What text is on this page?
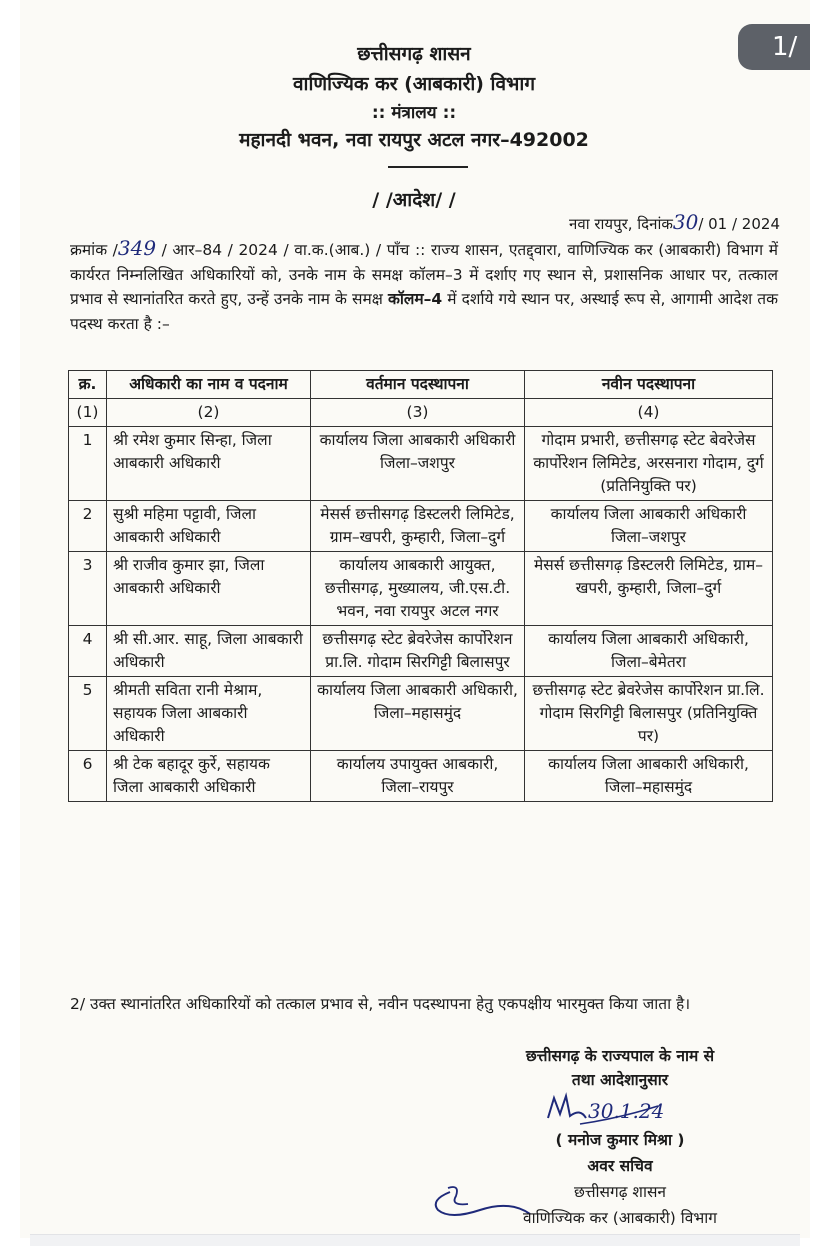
1/
छत्तीसगढ़ शासन
वाणिज्यिक कर (आबकारी) विभाग
:: मंत्रालय ::
महानदी भवन, नवा रायपुर अटल नगर–492002
/ /आदेश/ /
नवा रायपुर, दिनांक30/ 01 / 2024
क्रमांक /349 / आर–84 / 2024 / वा.क.(आब.) / पाँच :: राज्य शासन, एतद्द्वारा, वाणिज्यिक कर (आबकारी) विभाग में कार्यरत निम्नलिखित अधिकारियों को, उनके नाम के समक्ष कॉलम–3 में दर्शाए गए स्थान से, प्रशासनिक आधार पर, तत्काल प्रभाव से स्थानांतरित करते हुए, उन्हें उनके नाम के समक्ष कॉलम–4 में दर्शाये गये स्थान पर, अस्थाई रूप से, आगामी आदेश तक पदस्थ करता है :–
क्र.	अधिकारी का नाम व पदनाम	वर्तमान पदस्थापना	नवीन पदस्थापना
(1)	(2)	(3)	(4)
1	श्री रमेश कुमार सिन्हा, जिला आबकारी अधिकारी	कार्यालय जिला आबकारी अधिकारी जिला–जशपुर	गोदाम प्रभारी, छत्तीसगढ़ स्टेट बेवरेजेस कार्पोरेशन लिमिटेड, अरसनारा गोदाम, दुर्ग (प्रतिनियुक्ति पर)
2	सुश्री महिमा पट्टावी, जिला आबकारी अधिकारी	मेसर्स छत्तीसगढ़ डिस्टलरी लिमिटेड, ग्राम–खपरी, कुम्हारी, जिला–दुर्ग	कार्यालय जिला आबकारी अधिकारी जिला–जशपुर
3	श्री राजीव कुमार झा, जिला आबकारी अधिकारी	कार्यालय आबकारी आयुक्त, छत्तीसगढ़, मुख्यालय, जी.एस.टी. भवन, नवा रायपुर अटल नगर	मेसर्स छत्तीसगढ़ डिस्टलरी लिमिटेड, ग्राम–खपरी, कुम्हारी, जिला–दुर्ग
4	श्री सी.आर. साहू, जिला आबकारी अधिकारी	छत्तीसगढ़ स्टेट ब्रेवरेजेस कार्पोरेशन प्रा.लि. गोदाम सिरगिट्टी बिलासपुर	कार्यालय जिला आबकारी अधिकारी, जिला–बेमेतरा
5	श्रीमती सविता रानी मेश्राम, सहायक जिला आबकारी अधिकारी	कार्यालय जिला आबकारी अधिकारी, जिला–महासमुंद	छत्तीसगढ़ स्टेट ब्रेवरेजेस कार्पोरेशन प्रा.लि. गोदाम सिरगिट्टी बिलासपुर (प्रतिनियुक्ति पर)
6	श्री टेक बहादूर कुर्रे, सहायक जिला आबकारी अधिकारी	कार्यालय उपायुक्त आबकारी, जिला–रायपुर	कार्यालय जिला आबकारी अधिकारी, जिला–महासमुंद
2/ उक्त स्थानांतरित अधिकारियों को तत्काल प्रभाव से, नवीन पदस्थापना हेतु एकपक्षीय भारमुक्त किया जाता है।
छत्तीसगढ़ के राज्यपाल के नाम से
तथा आदेशानुसार
30.1.24
( मनोज कुमार मिश्रा )
अवर सचिव
छत्तीसगढ़ शासन
वाणिज्यिक कर (आबकारी) विभाग
